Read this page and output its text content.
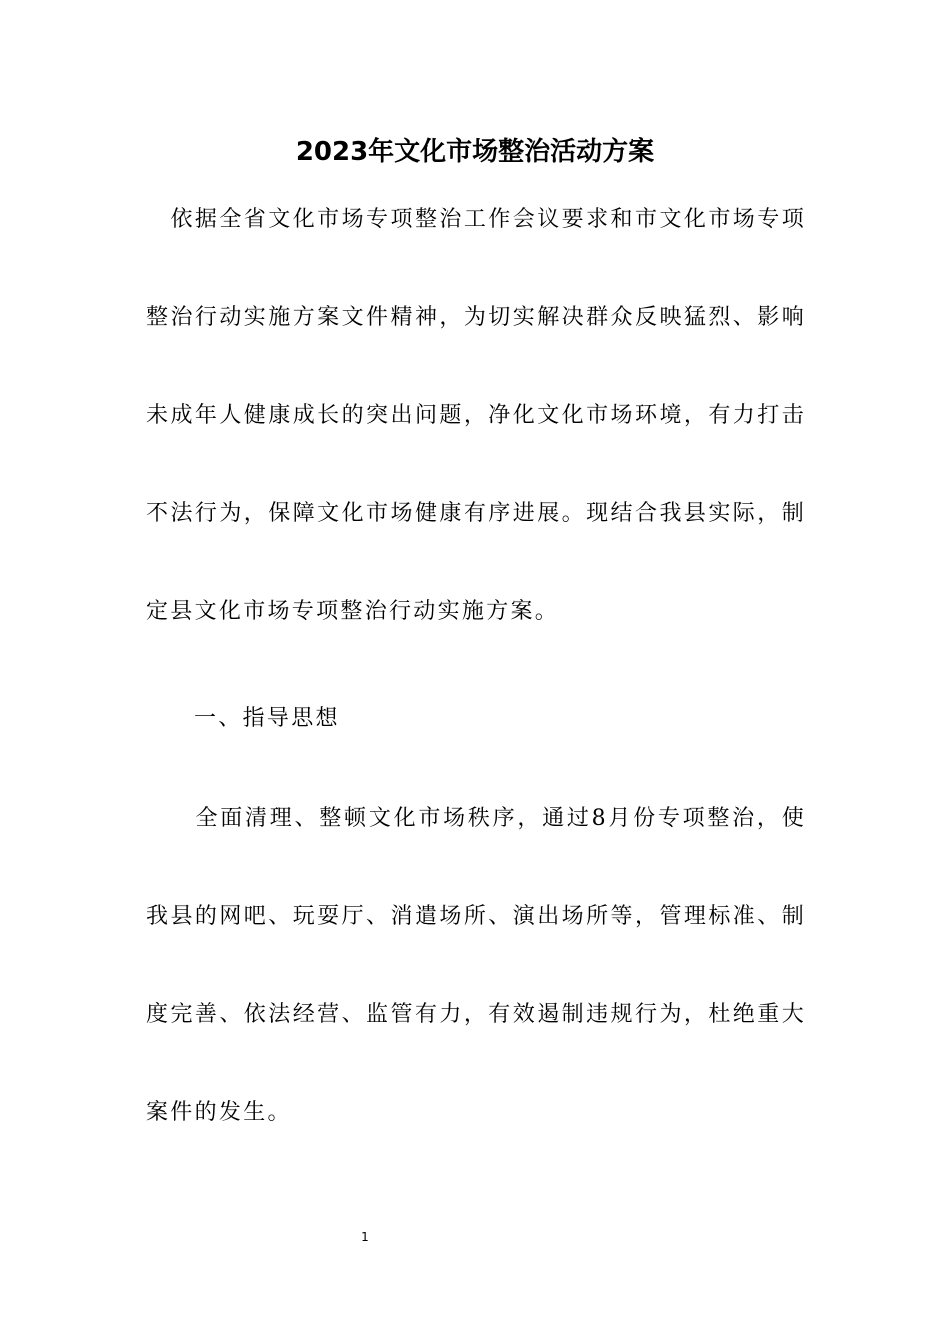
2023年文化市场整治活动方案
　依据全省文化市场专项整治工作会议要求和市文化市场专项整治行动实施方案文件精神，为切实解决群众反映猛烈、影响未成年人健康成长的突出问题，净化文化市场环境，有力打击不法行为，保障文化市场健康有序进展。现结合我县实际，制定县文化市场专项整治行动实施方案。
一、指导思想
　　全面清理、整顿文化市场秩序，通过8月份专项整治，使我县的网吧、玩耍厅、消遣场所、演出场所等，管理标准、制度完善、依法经营、监管有力，有效遏制违规行为，杜绝重大案件的发生。
1
